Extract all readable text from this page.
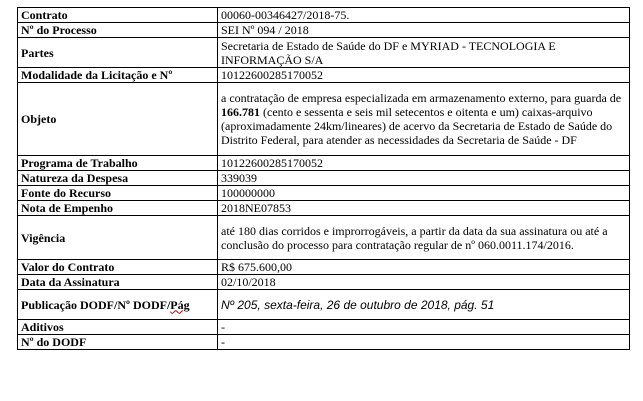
Contrato	00060-00346427/2018-75.
Nº do Processo	SEI Nº 094 / 2018
Partes	Secretaria de Estado de Saúde do DF e MYRIAD - TECNOLOGIA E INFORMAÇÃO S/A
Modalidade da Licitação e Nº	10122600285170052
Objeto	a contratação de empresa especializada em armazenamento externo, para guarda de 166.781 (cento e sessenta e seis mil setecentos e oitenta e um) caixas-arquivo (aproximadamente 24km/lineares) de acervo da Secretaria de Estado de Saúde do Distrito Federal, para atender as necessidades da Secretaria de Saúde - DF
Programa de Trabalho	10122600285170052
Natureza da Despesa	339039
Fonte do Recurso	100000000
Nota de Empenho	2018NE07853
Vigência	até 180 dias corridos e improrrogáveis, a partir da data da sua assinatura ou até a conclusão do processo para contratação regular de nº 060.0011.174/2016.
Valor do Contrato	R$ 675.600,00
Data da Assinatura	02/10/2018
Publicação DODF/Nº DODF/Pág	Nº 205, sexta-feira, 26 de outubro de 2018, pág. 51
Aditivos	-
Nº do DODF	-
